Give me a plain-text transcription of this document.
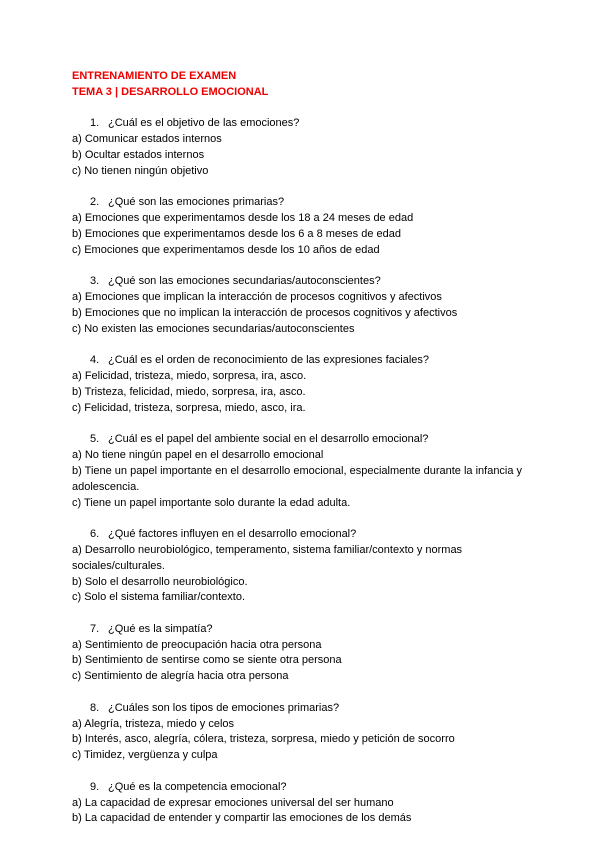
ENTRENAMIENTO DE EXAMEN

TEMA 3 | DESARROLLO EMOCIONAL

1. ¿Cuál es el objetivo de las emociones?

a) Comunicar estados internos

b) Ocultar estados internos

c) No tienen ningún objetivo

2. ¿Qué son las emociones primarias?

a) Emociones que experimentamos desde los 18 a 24 meses de edad

b) Emociones que experimentamos desde los 6 a 8 meses de edad

c) Emociones que experimentamos desde los 10 años de edad

3. ¿Qué son las emociones secundarias/autoconscientes?

a) Emociones que implican la interacción de procesos cognitivos y afectivos

b) Emociones que no implican la interacción de procesos cognitivos y afectivos

c) No existen las emociones secundarias/autoconscientes

4. ¿Cuál es el orden de reconocimiento de las expresiones faciales?

a) Felicidad, tristeza, miedo, sorpresa, ira, asco.

b) Tristeza, felicidad, miedo, sorpresa, ira, asco.

c) Felicidad, tristeza, sorpresa, miedo, asco, ira.

5. ¿Cuál es el papel del ambiente social en el desarrollo emocional?

a) No tiene ningún papel en el desarrollo emocional

b) Tiene un papel importante en el desarrollo emocional, especialmente durante la infancia y adolescencia.

c) Tiene un papel importante solo durante la edad adulta.

6. ¿Qué factores influyen en el desarrollo emocional?

a) Desarrollo neurobiológico, temperamento, sistema familiar/contexto y normas sociales/culturales.

b) Solo el desarrollo neurobiológico.

c) Solo el sistema familiar/contexto.

7. ¿Qué es la simpatía?

a) Sentimiento de preocupación hacia otra persona

b) Sentimiento de sentirse como se siente otra persona

c) Sentimiento de alegría hacia otra persona

8. ¿Cuáles son los tipos de emociones primarias?

a) Alegría, tristeza, miedo y celos

b) Interés, asco, alegría, cólera, tristeza, sorpresa, miedo y petición de socorro

c) Timidez, vergüenza y culpa

9. ¿Qué es la competencia emocional?

a) La capacidad de expresar emociones universal del ser humano

b) La capacidad de entender y compartir las emociones de los demás
